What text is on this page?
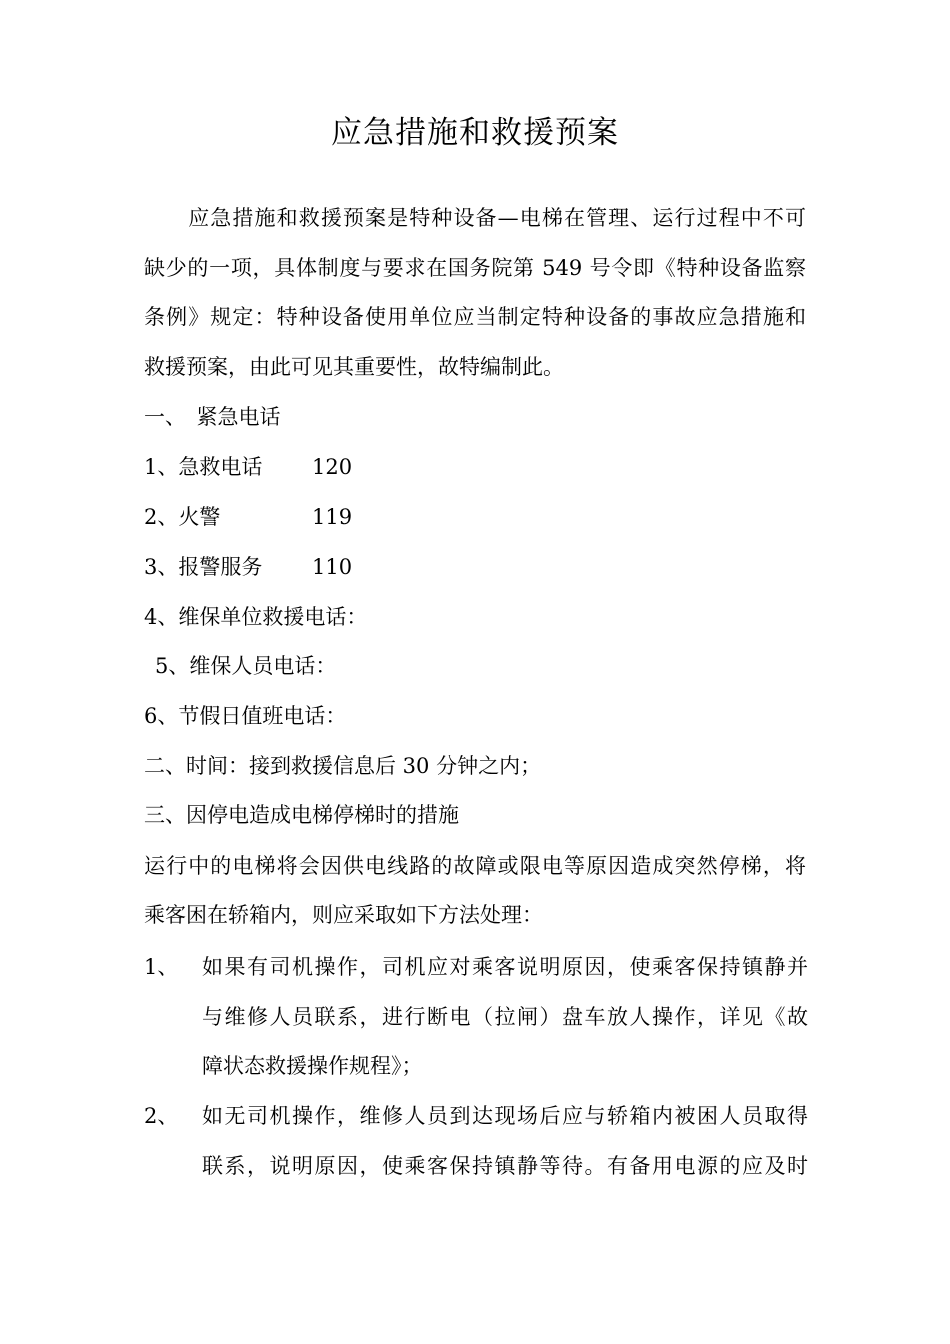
应急措施和救援预案
　　应急措施和救援预案是特种设备—电梯在管理、运行过程中不可
缺少的一项，具体制度与要求在国务院第 549 号令即《特种设备监察
条例》规定：特种设备使用单位应当制定特种设备的事故应急措施和
救援预案，由此可见其重要性，故特编制此。
一、　紧急电话
1、急救电话 120
2、火警	119
3、报警服务 110
4、维保单位救援电话：
5、维保人员电话：
6、节假日值班电话：
二、时间：接到救援信息后 30 分钟之内；
三、因停电造成电梯停梯时的措施
运行中的电梯将会因供电线路的故障或限电等原因造成突然停梯，将
乘客困在轿箱内，则应采取如下方法处理：
1、 如果有司机操作，司机应对乘客说明原因，使乘客保持镇静并
与维修人员联系，进行断电（拉闸）盘车放人操作，详见《故
障状态救援操作规程》；
2、 如无司机操作，维修人员到达现场后应与轿箱内被困人员取得
联系，说明原因，使乘客保持镇静等待。有备用电源的应及时
